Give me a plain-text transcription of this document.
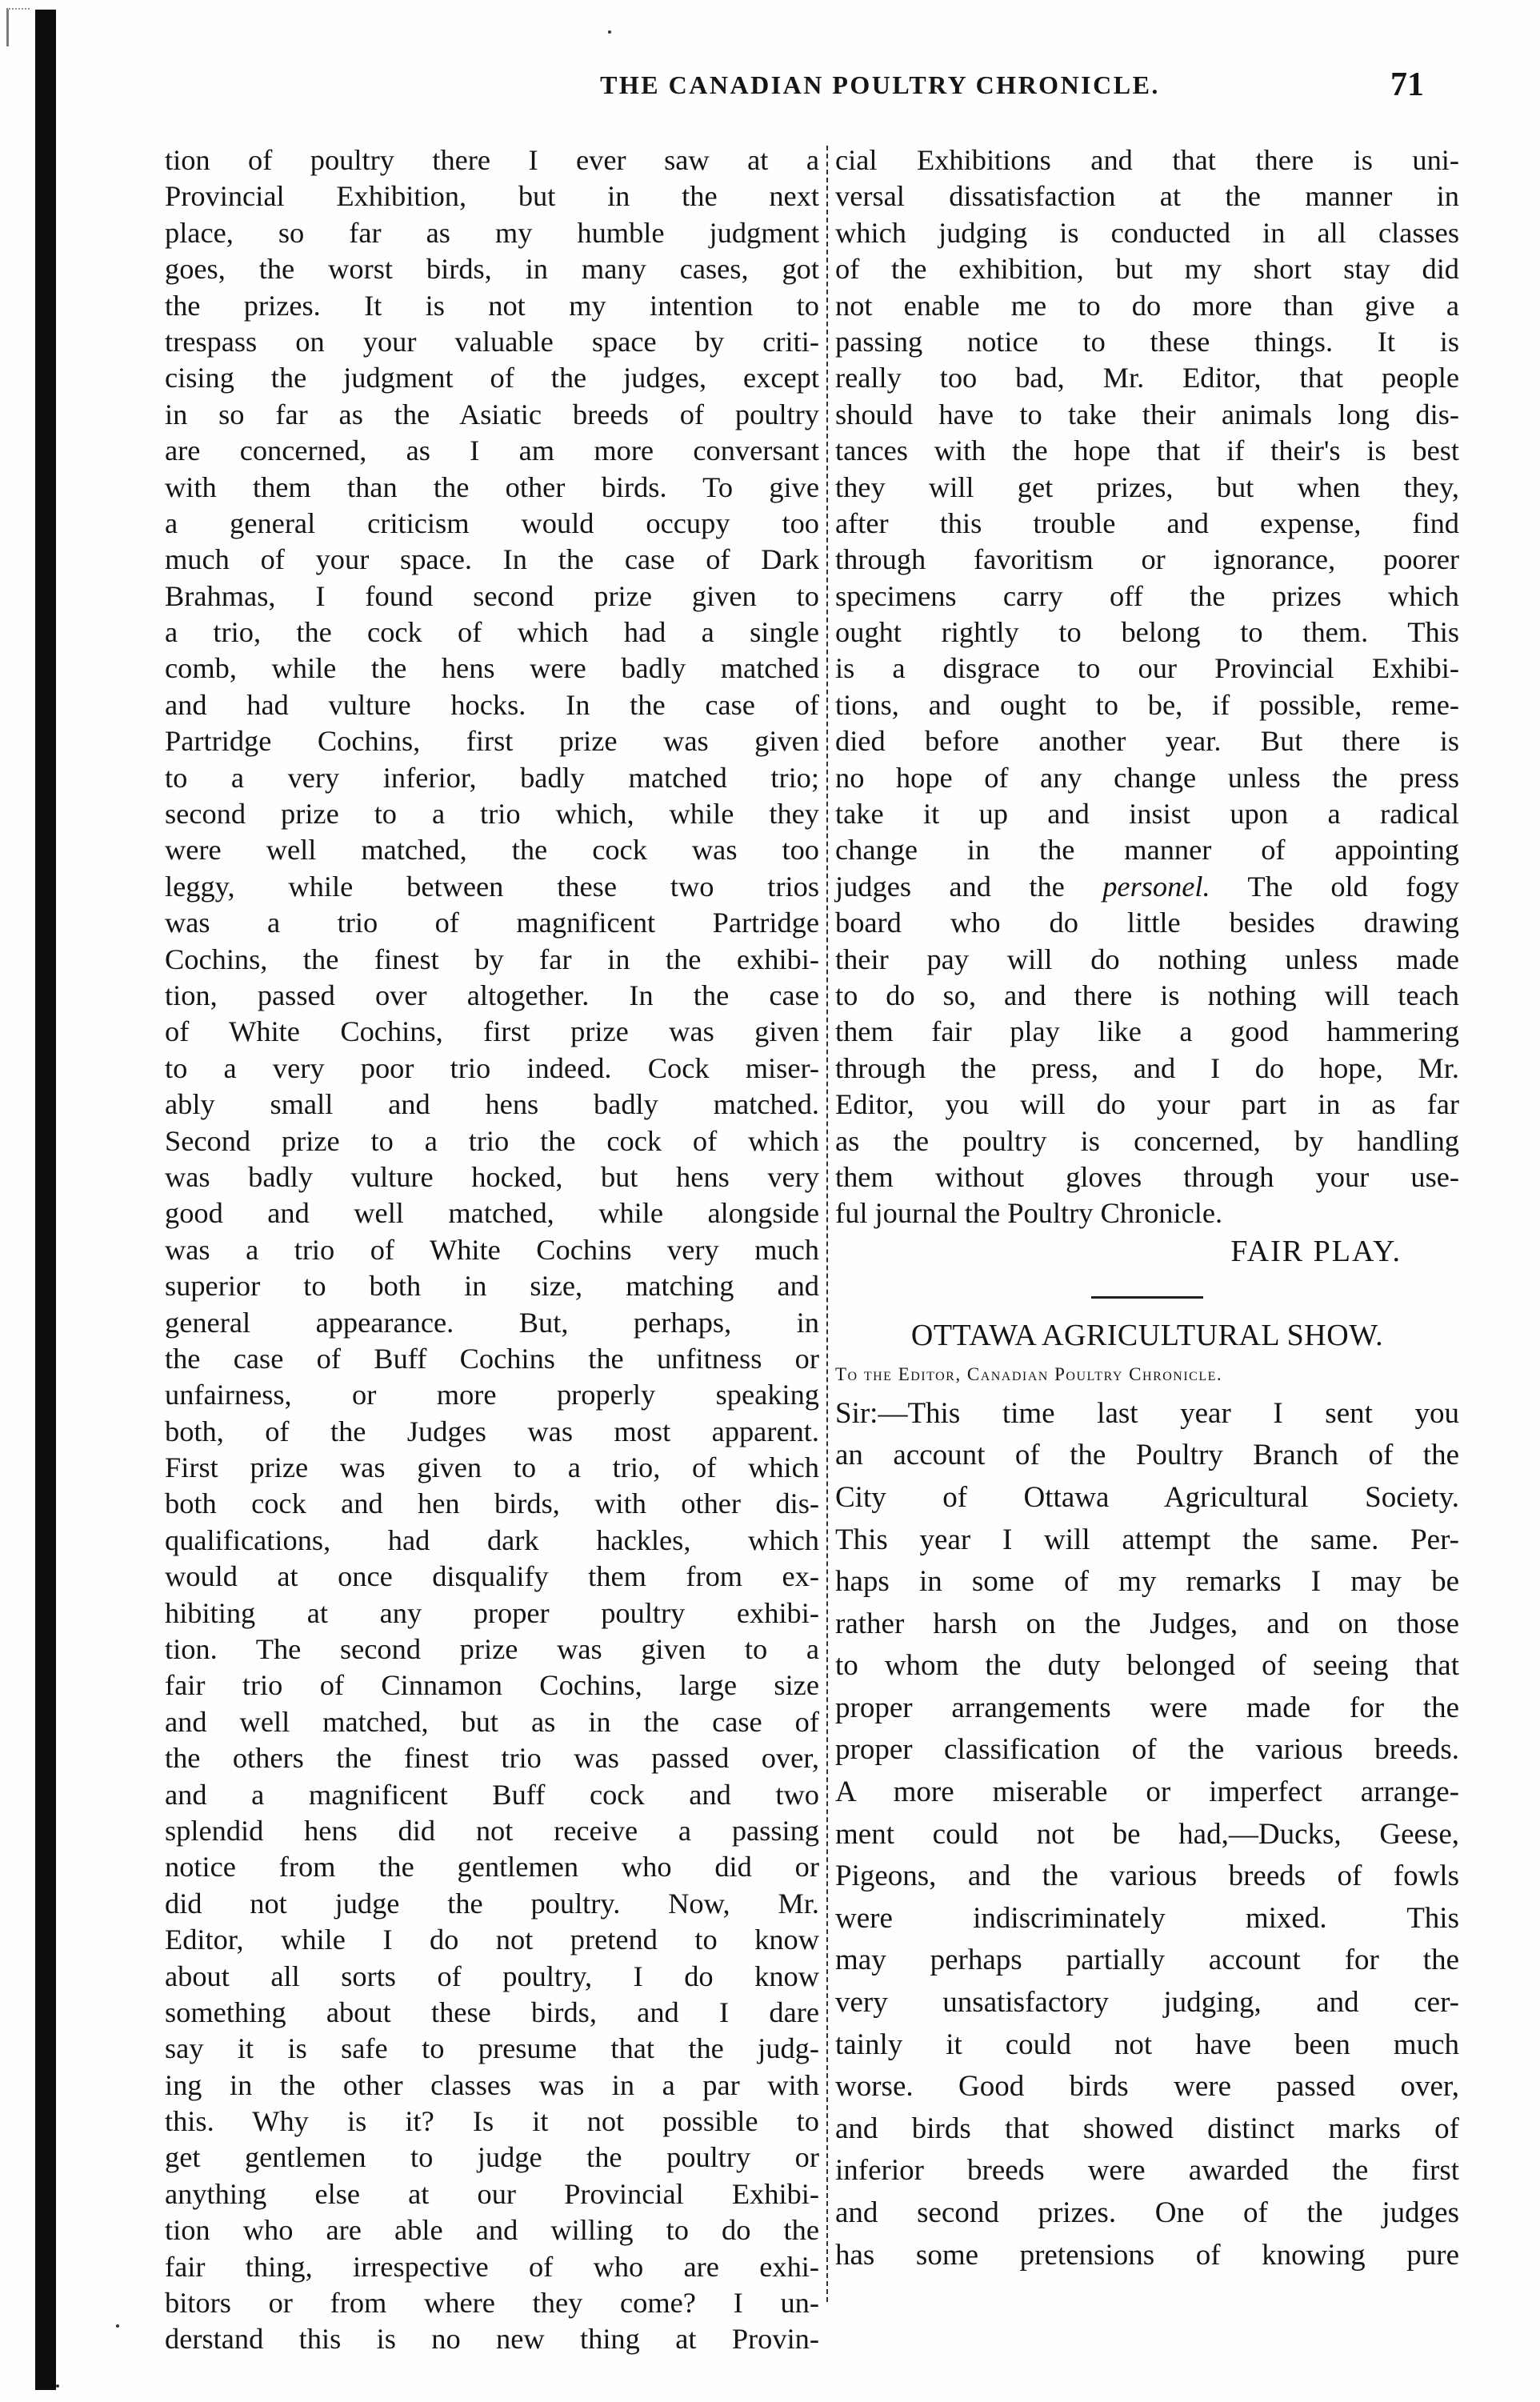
THE CANADIAN POULTRY CHRONICLE.	71
tion of poultry there I ever saw at a
Provincial Exhibition, but in the next
place, so far as my humble judgment
goes, the worst birds, in many cases, got
the prizes. It is not my intention to
trespass on your valuable space by criti-
cising the judgment of the judges, except
in so far as the Asiatic breeds of poultry
are concerned, as I am more conversant
with them than the other birds. To give
a general criticism would occupy too
much of your space. In the case of Dark
Brahmas, I found second prize given to
a trio, the cock of which had a single
comb, while the hens were badly matched
and had vulture hocks. In the case of
Partridge Cochins, first prize was given
to a very inferior, badly matched trio;
second prize to a trio which, while they
were well matched, the cock was too
leggy, while between these two trios
was a trio of magnificent Partridge
Cochins, the finest by far in the exhibi-
tion, passed over altogether. In the case
of White Cochins, first prize was given
to a very poor trio indeed. Cock miser-
ably small and hens badly matched.
Second prize to a trio the cock of which
was badly vulture hocked, but hens very
good and well matched, while alongside
was a trio of White Cochins very much
superior to both in size, matching and
general appearance. But, perhaps, in
the case of Buff Cochins the unfitness or
unfairness, or more properly speaking
both, of the Judges was most apparent.
First prize was given to a trio, of which
both cock and hen birds, with other dis-
qualifications, had dark hackles, which
would at once disqualify them from ex-
hibiting at any proper poultry exhibi-
tion. The second prize was given to a
fair trio of Cinnamon Cochins, large size
and well matched, but as in the case of
the others the finest trio was passed over,
and a magnificent Buff cock and two
splendid hens did not receive a passing
notice from the gentlemen who did or
did not judge the poultry. Now, Mr.
Editor, while I do not pretend to know
about all sorts of poultry, I do know
something about these birds, and I dare
say it is safe to presume that the judg-
ing in the other classes was in a par with
this. Why is it? Is it not possible to
get gentlemen to judge the poultry or
anything else at our Provincial Exhibi-
tion who are able and willing to do the
fair thing, irrespective of who are exhi-
bitors or from where they come? I un-
derstand this is no new thing at Provin-
cial Exhibitions and that there is uni-
versal dissatisfaction at the manner in
which judging is conducted in all classes
of the exhibition, but my short stay did
not enable me to do more than give a
passing notice to these things. It is
really too bad, Mr. Editor, that people
should have to take their animals long dis-
tances with the hope that if their's is best
they will get prizes, but when they,
after this trouble and expense, find
through favoritism or ignorance, poorer
specimens carry off the prizes which
ought rightly to belong to them. This
is a disgrace to our Provincial Exhibi-
tions, and ought to be, if possible, reme-
died before another year. But there is
no hope of any change unless the press
take it up and insist upon a radical
change in the manner of appointing
judges and the personel. The old fogy
board who do little besides drawing
their pay will do nothing unless made
to do so, and there is nothing will teach
them fair play like a good hammering
through the press, and I do hope, Mr.
Editor, you will do your part in as far
as the poultry is concerned, by handling
them without gloves through your use-
ful journal the Poultry Chronicle.
FAIR PLAY.
OTTAWA AGRICULTURAL SHOW.
To the Editor, Canadian Poultry Chronicle.
Sir:—This time last year I sent you
an account of the Poultry Branch of the
City of Ottawa Agricultural Society.
This year I will attempt the same. Per-
haps in some of my remarks I may be
rather harsh on the Judges, and on those
to whom the duty belonged of seeing that
proper arrangements were made for the
proper classification of the various breeds.
A more miserable or imperfect arrange-
ment could not be had,—Ducks, Geese,
Pigeons, and the various breeds of fowls
were indiscriminately mixed. This
may perhaps partially account for the
very unsatisfactory judging, and cer-
tainly it could not have been much
worse. Good birds were passed over,
and birds that showed distinct marks of
inferior breeds were awarded the first
and second prizes. One of the judges
has some pretensions of knowing pure
